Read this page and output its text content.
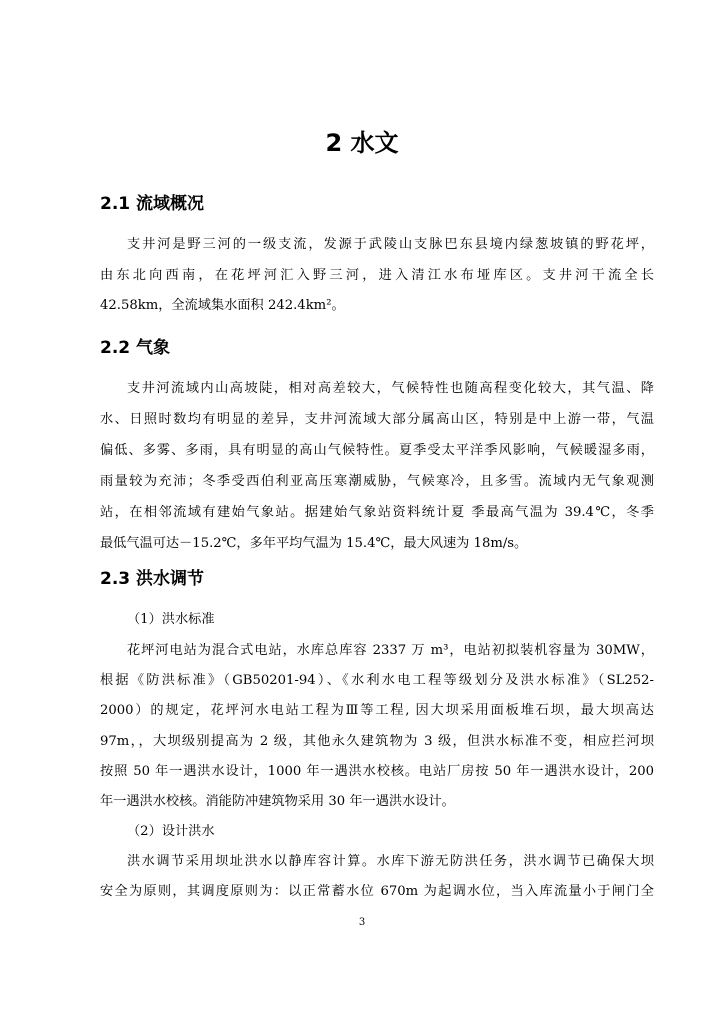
2 水文
2.1 流域概况
支井河是野三河的一级支流，发源于武陵山支脉巴东县境内绿葱坡镇的野花坪，
由东北向西南，在花坪河汇入野三河，进入清江水布垭库区。支井河干流全长
42.58km，全流域集水面积 242.4km²。
2.2 气象
支井河流域内山高坡陡，相对高差较大，气候特性也随高程变化较大，其气温、降
水、日照时数均有明显的差异，支井河流域大部分属高山区，特别是中上游一带，气温
偏低、多雾、多雨，具有明显的高山气候特性。夏季受太平洋季风影响，气候暖湿多雨，
雨量较为充沛；冬季受西伯利亚高压寒潮威胁，气候寒冷，且多雪。流域内无气象观测
站，在相邻流域有建始气象站。据建始气象站资料统计夏 季最高气温为 39.4℃，冬季
最低气温可达－15.2℃，多年平均气温为 15.4℃，最大风速为 18m/s。
2.3 洪水调节
（1）洪水标准
花坪河电站为混合式电站，水库总库容 2337 万 m³，电站初拟装机容量为 30MW，
根据《防洪标准》（GB50201-94）、《水利水电工程等级划分及洪水标准》（SL252-
2000）的规定，花坪河水电站工程为Ⅲ等工程, 因大坝采用面板堆石坝，最大坝高达
97m，，大坝级别提高为 2 级，其他永久建筑物为 3 级，但洪水标准不变，相应拦河坝
按照 50 年一遇洪水设计，1000 年一遇洪水校核。电站厂房按 50 年一遇洪水设计，200
年一遇洪水校核。消能防冲建筑物采用 30 年一遇洪水设计。
（2）设计洪水
洪水调节采用坝址洪水以静库容计算。水库下游无防洪任务，洪水调节已确保大坝
安全为原则，其调度原则为：以正常蓄水位 670m 为起调水位，当入库流量小于闸门全
3
